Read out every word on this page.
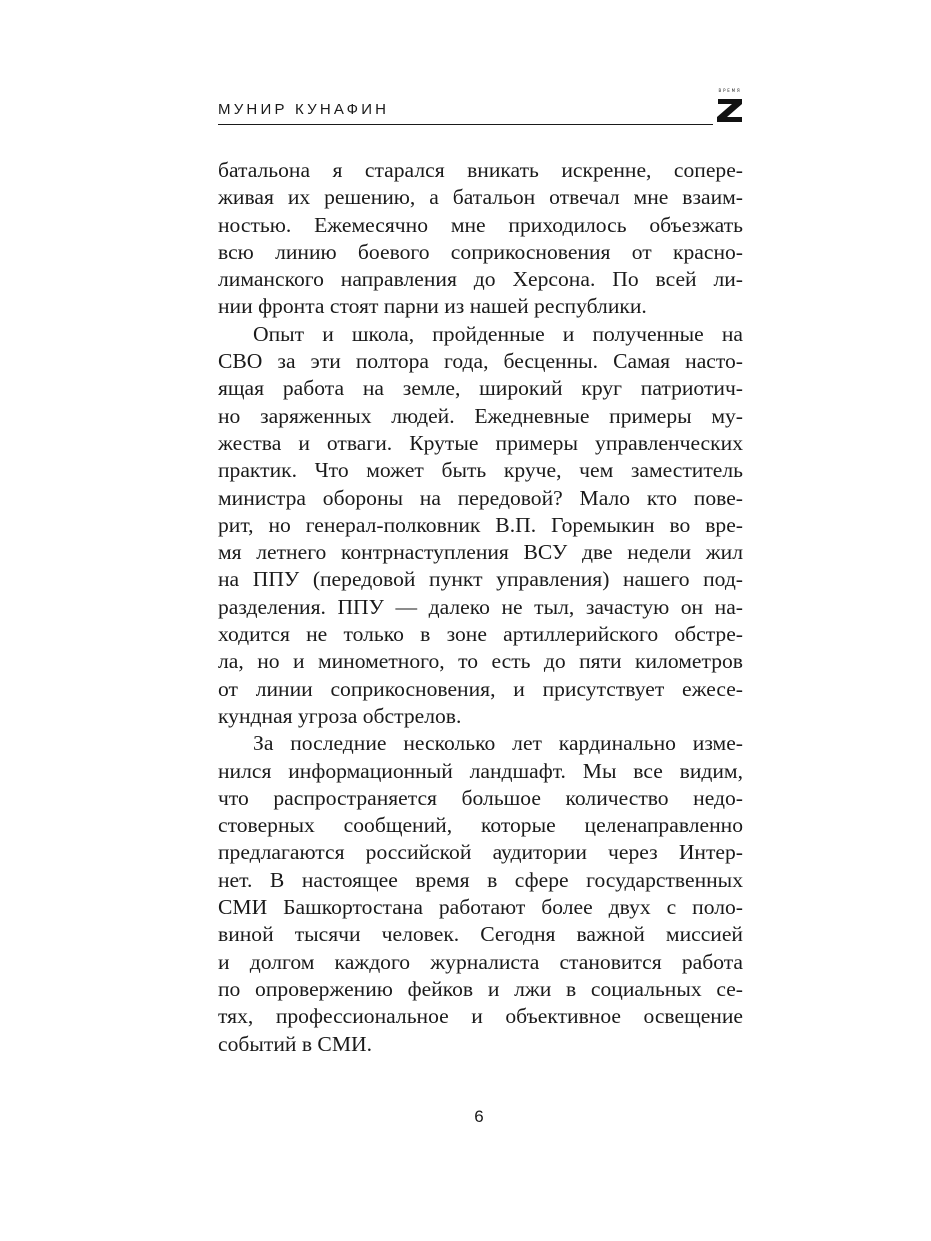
МУНИР КУНАФИН
ВРЕМЯ
батальона я старался вникать искренне, сопере-
живая их решению, а батальон отвечал мне взаим-
ностью. Ежемесячно мне приходилось объезжать
всю линию боевого соприкосновения от красно-
лиманского направления до Херсона. По всей ли-
нии фронта стоят парни из нашей республики.
Опыт и школа, пройденные и полученные на
СВО за эти полтора года, бесценны. Самая насто-
ящая работа на земле, широкий круг патриотич-
но заряженных людей. Ежедневные примеры му-
жества и отваги. Крутые примеры управленческих
практик. Что может быть круче, чем заместитель
министра обороны на передовой? Мало кто пове-
рит, но генерал-полковник В.П. Горемыкин во вре-
мя летнего контрнаступления ВСУ две недели жил
на ППУ (передовой пункт управления) нашего под-
разделения. ППУ — далеко не тыл, зачастую он на-
ходится не только в зоне артиллерийского обстре-
ла, но и минометного, то есть до пяти километров
от линии соприкосновения, и присутствует ежесе-
кундная угроза обстрелов.
За последние несколько лет кардинально изме-
нился информационный ландшафт. Мы все видим,
что распространяется большое количество недо-
стоверных сообщений, которые целенаправленно
предлагаются российской аудитории через Интер-
нет. В настоящее время в сфере государственных
СМИ Башкортостана работают более двух с поло-
виной тысячи человек. Сегодня важной миссией
и долгом каждого журналиста становится работа
по опровержению фейков и лжи в социальных се-
тях, профессиональное и объективное освещение
событий в СМИ.
6
